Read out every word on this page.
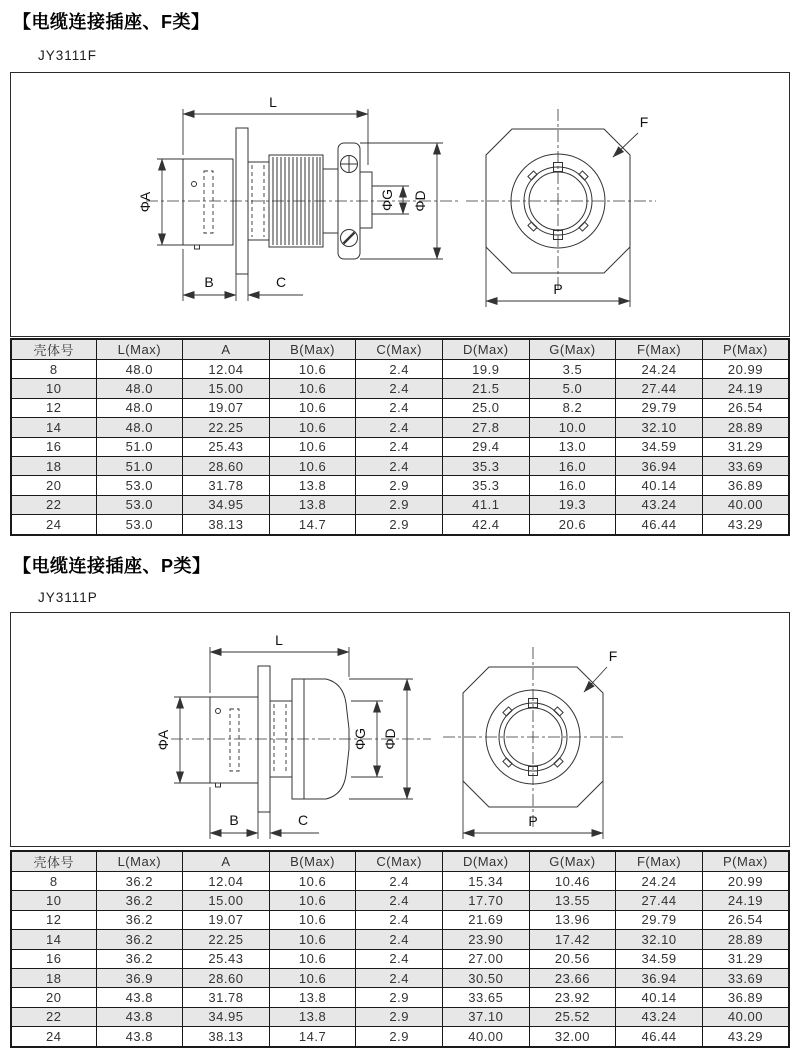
【电缆连接插座、F类】
JY3111F
L
ΦA	ΦG ΦD
B	C
F
P
壳体号	L(Max)	A	B(Max)	C(Max)	D(Max)	G(Max)	F(Max)	P(Max)
8	48.0	12.04	10.6	2.4	19.9	3.5	24.24	20.99
10	48.0	15.00	10.6	2.4	21.5	5.0	27.44	24.19
12	48.0	19.07	10.6	2.4	25.0	8.2	29.79	26.54
14	48.0	22.25	10.6	2.4	27.8	10.0	32.10	28.89
16	51.0	25.43	10.6	2.4	29.4	13.0	34.59	31.29
18	51.0	28.60	10.6	2.4	35.3	16.0	36.94	33.69
20	53.0	31.78	13.8	2.9	35.3	16.0	40.14	36.89
22	53.0	34.95	13.8	2.9	41.1	19.3	43.24	40.00
24	53.0	38.13	14.7	2.9	42.4	20.6	46.44	43.29
【电缆连接插座、P类】
JY3111P
L
ΦA	ΦG ΦD
B	C
F
P
壳体号	L(Max)	A	B(Max)	C(Max)	D(Max)	G(Max)	F(Max)	P(Max)
8	36.2	12.04	10.6	2.4	15.34	10.46	24.24	20.99
10	36.2	15.00	10.6	2.4	17.70	13.55	27.44	24.19
12	36.2	19.07	10.6	2.4	21.69	13.96	29.79	26.54
14	36.2	22.25	10.6	2.4	23.90	17.42	32.10	28.89
16	36.2	25.43	10.6	2.4	27.00	20.56	34.59	31.29
18	36.9	28.60	10.6	2.4	30.50	23.66	36.94	33.69
20	43.8	31.78	13.8	2.9	33.65	23.92	40.14	36.89
22	43.8	34.95	13.8	2.9	37.10	25.52	43.24	40.00
24	43.8	38.13	14.7	2.9	40.00	32.00	46.44	43.29
